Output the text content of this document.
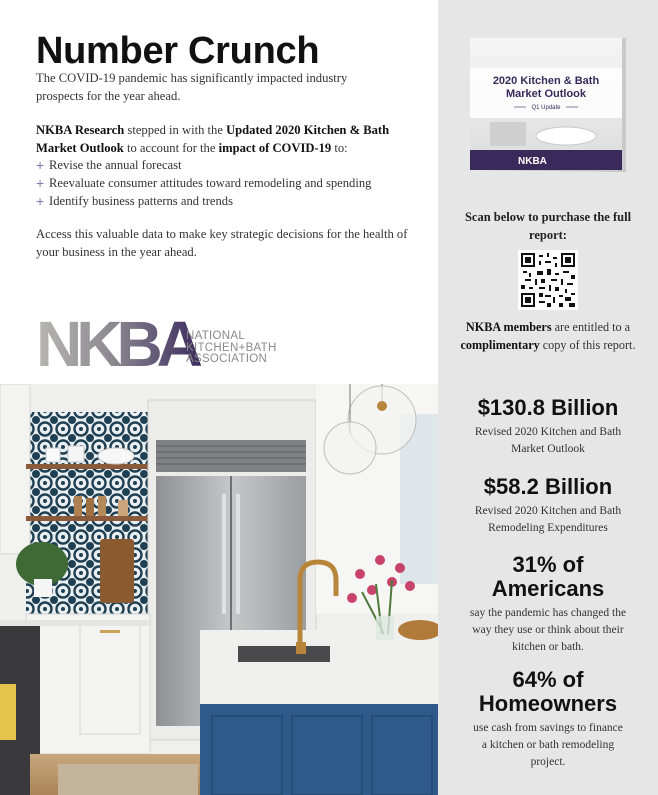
Number Crunch

The COVID-19 pandemic has significantly impacted industry prospects for the year ahead.

NKBA Research stepped in with the Updated 2020 Kitchen & Bath Market Outlook to account for the impact of COVID-19 to:

+ Revise the annual forecast
+ Reevaluate consumer attitudes toward remodeling and spending
+ Identify business patterns and trends

Access this valuable data to make key strategic decisions for the health of your business in the year ahead.

NKBA
NATIONAL
KITCHEN+BATH
ASSOCIATION
2020 Kitchen & Bath
Market Outlook
Q1 Update
NKBA

Scan below to purchase the full report:

NKBA members are entitled to a complimentary copy of this report.

$130.8 Billion
Revised 2020 Kitchen and Bath Market Outlook
$58.2 Billion
Revised 2020 Kitchen and Bath Remodeling Expenditures
31% of Americans
say the pandemic has changed the way they use or think about their kitchen or bath.
64% of Homeowners
use cash from savings to finance a kitchen or bath remodeling project.
